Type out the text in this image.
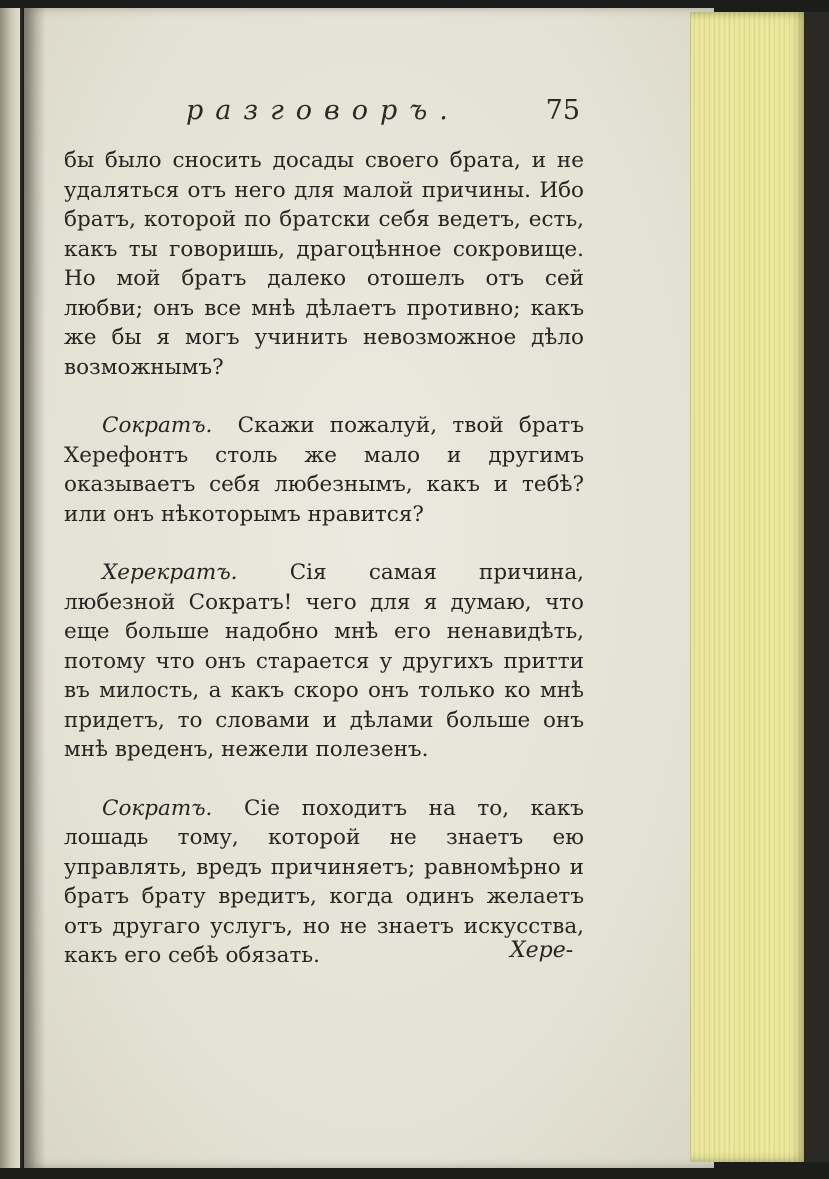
разговоръ.	75

бы было сносить досады своего брата, и не удаляться отъ него для малой причины. Ибо братъ, которой по братски себя ведетъ, есть, какъ ты говоришь, драгоцѣнное сокровище. Но мой братъ далеко отошелъ отъ сей любви; онъ все мнѣ дѣлаетъ противно; какъ же бы я могъ учинить невозможное дѣло возможнымъ?

Сократъ. Скажи пожалуй, твой братъ Херефонтъ столь же мало и другимъ оказываетъ себя любезнымъ, какъ и тебѣ? или онъ нѣкоторымъ нравится?

Херекратъ. Сія самая причина, любезной Сократъ! чего для я думаю, что еще больше надобно мнѣ его ненавидѣть, потому что онъ старается у другихъ притти въ милость, а какъ скоро онъ только ко мнѣ придетъ, то словами и дѣлами больше онъ мнѣ вреденъ, нежели полезенъ.

Сократъ. Сіе походитъ на то, какъ лошадь тому, которой не знаетъ ею управлять, вредъ причиняетъ; равномѣрно и братъ брату вредитъ, когда одинъ желаетъ отъ другаго услугъ, но не знаетъ искусства, какъ его себѣ обязать.	Херe-
